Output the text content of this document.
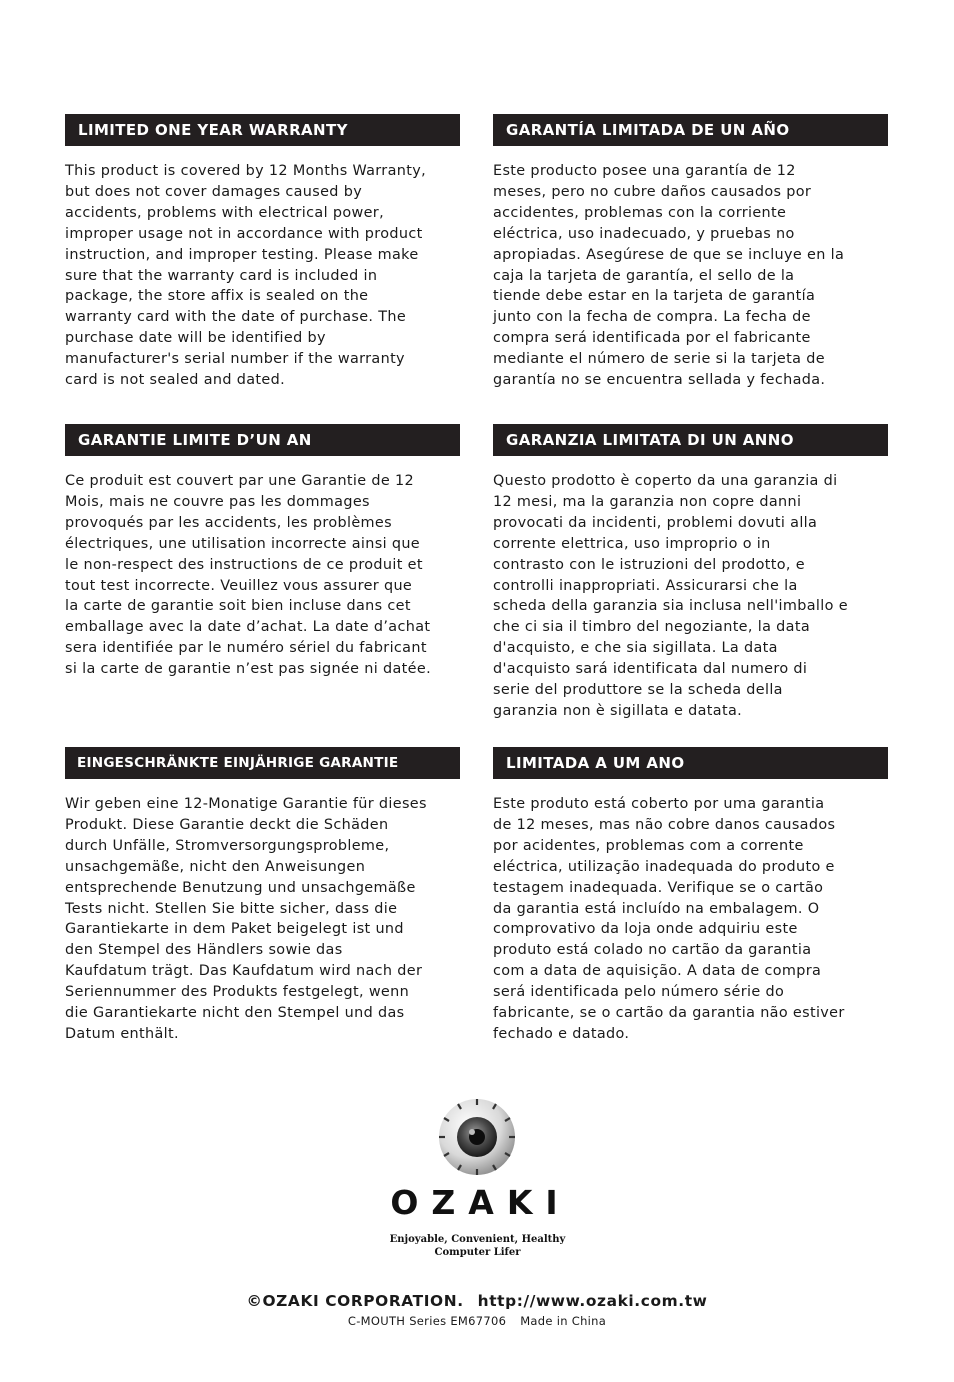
LIMITED ONE YEAR WARRANTY
This product is covered by 12 Months Warranty,
but does not cover damages caused by
accidents, problems with electrical power,
improper usage not in accordance with product
instruction, and improper testing. Please make
sure that the warranty card is included in
package, the store affix is sealed on the
warranty card with the date of purchase. The
purchase date will be identified by
manufacturer's serial number if the warranty
card is not sealed and dated.
GARANTÍA LIMITADA DE UN AÑO
Este producto posee una garantía de 12
meses, pero no cubre daños causados por
accidentes, problemas con la corriente
eléctrica, uso inadecuado, y pruebas no
apropiadas. Asegúrese de que se incluye en la
caja la tarjeta de garantía, el sello de la
tiende debe estar en la tarjeta de garantía
junto con la fecha de compra. La fecha de
compra será identificada por el fabricante
mediante el número de serie si la tarjeta de
garantía no se encuentra sellada y fechada.
GARANTIE LIMITE D’UN AN
Ce produit est couvert par une Garantie de 12
Mois, mais ne couvre pas les dommages
provoqués par les accidents, les problèmes
électriques, une utilisation incorrecte ainsi que
le non-respect des instructions de ce produit et
tout test incorrecte. Veuillez vous assurer que
la carte de garantie soit bien incluse dans cet
emballage avec la date d’achat. La date d’achat
sera identifiée par le numéro sériel du fabricant
si la carte de garantie n’est pas signée ni datée.
GARANZIA LIMITATA DI UN ANNO
Questo prodotto è coperto da una garanzia di
12 mesi, ma la garanzia non copre danni
provocati da incidenti, problemi dovuti alla
corrente elettrica, uso improprio o in
contrasto con le istruzioni del prodotto, e
controlli inappropriati. Assicurarsi che la
scheda della garanzia sia inclusa nell'imballo e
che ci sia il timbro del negoziante, la data
d'acquisto, e che sia sigillata. La data
d'acquisto sará identificata dal numero di
serie del produttore se la scheda della
garanzia non è sigillata e datata.
EINGESCHRÄNKTE EINJÄHRIGE GARANTIE
Wir geben eine 12-Monatige Garantie für dieses
Produkt. Diese Garantie deckt die Schäden
durch Unfälle, Stromversorgungsprobleme,
unsachgemäße, nicht den Anweisungen
entsprechende Benutzung und unsachgemäße
Tests nicht. Stellen Sie bitte sicher, dass die
Garantiekarte in dem Paket beigelegt ist und
den Stempel des Händlers sowie das
Kaufdatum trägt. Das Kaufdatum wird nach der
Seriennummer des Produkts festgelegt, wenn
die Garantiekarte nicht den Stempel und das
Datum enthält.
LIMITADA A UM ANO
Este produto está coberto por uma garantia
de 12 meses, mas não cobre danos causados
por acidentes, problemas com a corrente
eléctrica, utilização inadequada do produto e
testagem inadequada. Verifique se o cartão
da garantia está incluído na embalagem. O
comprovativo da loja onde adquiriu este
produto está colado no cartão da garantia
com a data de aquisição. A data de compra
será identificada pelo número série do
fabricante, se o cartão da garantia não estiver
fechado e datado.
OZAKI
Enjoyable, Convenient, Healthy
Computer Lifer
©OZAKI CORPORATION. http://www.ozaki.com.tw
C-MOUTH Series EM67706 Made in China
